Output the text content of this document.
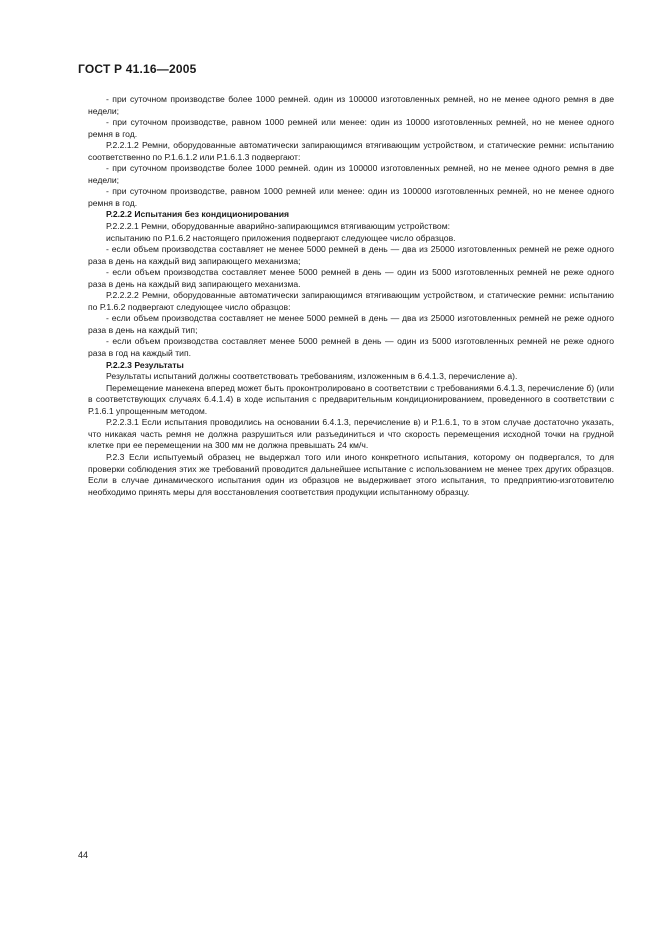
ГОСТ Р 41.16—2005

- при суточном производстве более 1000 ремней. один из 100000 изготовленных ремней, но не менее одного ремня в две недели;

- при суточном производстве, равном 1000 ремней или менее: один из 10000 изготовленных ремней, но не менее одного ремня в год.

Р.2.2.1.2 Ремни, оборудованные автоматически запирающимся втягивающим устройством, и статические ремни: испытанию соответственно по Р.1.6.1.2 или Р.1.6.1.3 подвергают:

- при суточном производстве более 1000 ремней. один из 100000 изготовленных ремней, но не менее одного ремня в две недели;

- при суточном производстве, равном 1000 ремней или менее: один из 100000 изготовленных ремней, но не менее одного ремня в год.

Р.2.2.2 Испытания без кондиционирования

Р.2.2.2.1 Ремни, оборудованные аварийно-запирающимся втягивающим устройством:

испытанию по Р.1.6.2 настоящего приложения подвергают следующее число образцов.

- если объем производства составляет не менее 5000 ремней в день — два из 25000 изготовленных ремней не реже одного раза в день на каждый вид запирающего механизма;

- если объем производства составляет менее 5000 ремней в день — один из 5000 изготовленных ремней не реже одного раза в день на каждый вид запирающего механизма.

Р.2.2.2.2 Ремни, оборудованные автоматически запирающимся втягивающим устройством, и статические ремни: испытанию по Р.1.6.2 подвергают следующее число образцов:

- если объем производства составляет не менее 5000 ремней в день — два из 25000 изготовленных ремней не реже одного раза в день на каждый тип;

- если объем производства составляет менее 5000 ремней в день — один из 5000 изготовленных ремней не реже одного раза в год на каждый тип.

Р.2.2.3 Результаты

Результаты испытаний должны соответствовать требованиям, изложенным в 6.4.1.3, перечисление а).

Перемещение манекена вперед может быть проконтролировано в соответствии с требованиями 6.4.1.3, перечисление б) (или в соответствующих случаях 6.4.1.4) в ходе испытания с предварительным кондиционированием, проведенного в соответствии с Р.1.6.1 упрощенным методом.

Р.2.2.3.1 Если испытания проводились на основании 6.4.1.3, перечисление в) и Р.1.6.1, то в этом случае достаточно указать, что никакая часть ремня не должна разрушиться или разъединиться и что скорость перемещения исходной точки на грудной клетке при ее перемещении на 300 мм не должна превышать 24 км/ч.

Р.2.3 Если испытуемый образец не выдержал того или иного конкретного испытания, которому он подвергался, то для проверки соблюдения этих же требований проводится дальнейшее испытание с использованием не менее трех других образцов. Если в случае динамического испытания один из образцов не выдерживает этого испытания, то предприятию-изготовителю необходимо принять меры для восстановления соответствия продукции испытанному образцу.

44
